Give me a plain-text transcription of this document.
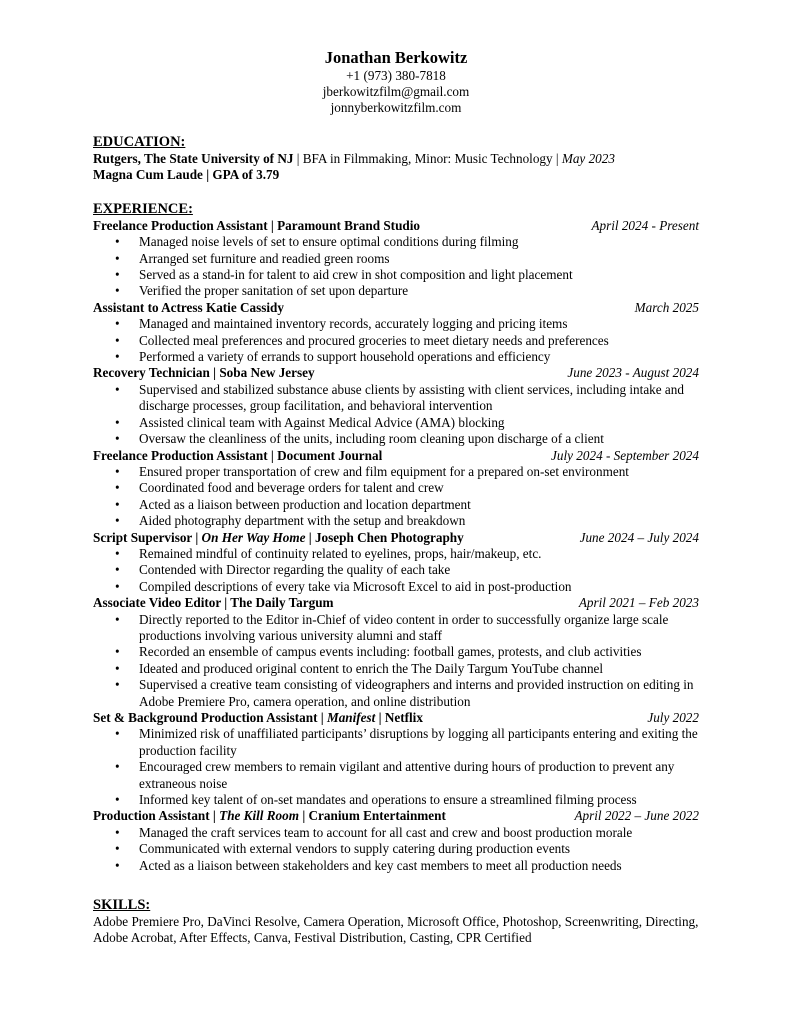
Jonathan Berkowitz
+1 (973) 380-7818
jberkowitzfilm@gmail.com
jonnyberkowitzfilm.com
EDUCATION:
Rutgers, The State University of NJ | BFA in Filmmaking, Minor: Music Technology | May 2023
Magna Cum Laude | GPA of 3.79
EXPERIENCE:
Freelance Production Assistant | Paramount Brand Studio	April 2024 - Present
• Managed noise levels of set to ensure optimal conditions during filming
• Arranged set furniture and readied green rooms
• Served as a stand-in for talent to aid crew in shot composition and light placement
• Verified the proper sanitation of set upon departure
Assistant to Actress Katie Cassidy	March 2025
• Managed and maintained inventory records, accurately logging and pricing items
• Collected meal preferences and procured groceries to meet dietary needs and preferences
• Performed a variety of errands to support household operations and efficiency
Recovery Technician | Soba New Jersey	June 2023 - August 2024
• Supervised and stabilized substance abuse clients by assisting with client services, including intake and discharge processes, group facilitation, and behavioral intervention
• Assisted clinical team with Against Medical Advice (AMA) blocking
• Oversaw the cleanliness of the units, including room cleaning upon discharge of a client
Freelance Production Assistant | Document Journal	July 2024 - September 2024
• Ensured proper transportation of crew and film equipment for a prepared on-set environment
• Coordinated food and beverage orders for talent and crew
• Acted as a liaison between production and location department
• Aided photography department with the setup and breakdown
Script Supervisor | On Her Way Home | Joseph Chen Photography	June 2024 – July 2024
• Remained mindful of continuity related to eyelines, props, hair/makeup, etc.
• Contended with Director regarding the quality of each take
• Compiled descriptions of every take via Microsoft Excel to aid in post-production
Associate Video Editor | The Daily Targum	April 2021 – Feb 2023
• Directly reported to the Editor in-Chief of video content in order to successfully organize large scale productions involving various university alumni and staff
• Recorded an ensemble of campus events including: football games, protests, and club activities
• Ideated and produced original content to enrich the The Daily Targum YouTube channel
• Supervised a creative team consisting of videographers and interns and provided instruction on editing in Adobe Premiere Pro, camera operation, and online distribution
Set & Background Production Assistant | Manifest | Netflix	July 2022
• Minimized risk of unaffiliated participants’ disruptions by logging all participants entering and exiting the production facility
• Encouraged crew members to remain vigilant and attentive during hours of production to prevent any extraneous noise
• Informed key talent of on-set mandates and operations to ensure a streamlined filming process
Production Assistant | The Kill Room | Cranium Entertainment	April 2022 – June 2022
• Managed the craft services team to account for all cast and crew and boost production morale
• Communicated with external vendors to supply catering during production events
• Acted as a liaison between stakeholders and key cast members to meet all production needs
SKILLS:
Adobe Premiere Pro, DaVinci Resolve, Camera Operation, Microsoft Office, Photoshop, Screenwriting, Directing, Adobe Acrobat, After Effects, Canva, Festival Distribution, Casting, CPR Certified
